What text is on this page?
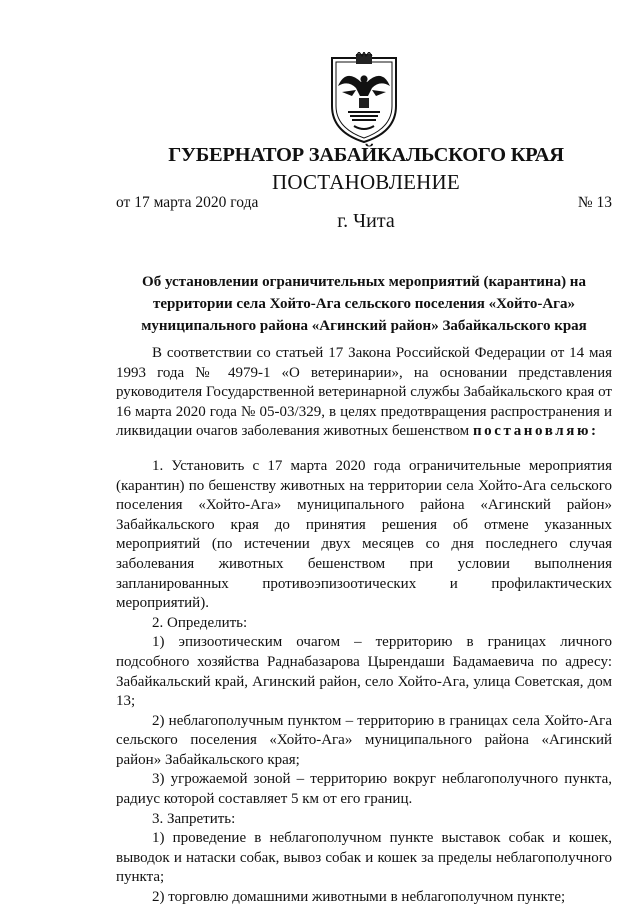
ГУБЕРНАТОР ЗАБАЙКАЛЬСКОГО КРАЯ
ПОСТАНОВЛЕНИЕ
от 17 марта 2020 года	№ 13
г. Чита
Об установлении ограничительных мероприятий (карантина) на
территории села Хойто-Ага сельского поселения «Хойто-Ага»
муниципального района «Агинский район» Забайкальского края

В соответствии со статьей 17 Закона Российской Федерации от 14 мая 1993 года № 4979-1 «О ветеринарии», на основании представления руководителя Государственной ветеринарной службы Забайкальского края от 16 марта 2020 года № 05-03/329, в целях предотвращения распространения и ликвидации очагов заболевания животных бешенством постановляю:

1. Установить с 17 марта 2020 года ограничительные мероприятия (карантин) по бешенству животных на территории села Хойто-Ага сельского поселения «Хойто-Ага» муниципального района «Агинский район» Забайкальского края до принятия решения об отмене указанных мероприятий (по истечении двух месяцев со дня последнего случая заболевания животных бешенством при условии выполнения запланированных противоэпизоотических и профилактических мероприятий).

2. Определить:

1) эпизоотическим очагом – территорию в границах личного подсобного хозяйства Раднабазарова Цырендаши Бадамаевича по адресу: Забайкальский край, Агинский район, село Хойто-Ага, улица Советская, дом 13;

2) неблагополучным пунктом – территорию в границах села Хойто-Ага сельского поселения «Хойто-Ага» муниципального района «Агинский район» Забайкальского края;

3) угрожаемой зоной – территорию вокруг неблагополучного пункта, радиус которой составляет 5 км от его границ.

3. Запретить:

1) проведение в неблагополучном пункте выставок собак и кошек, выводок и натаски собак, вывоз собак и кошек за пределы неблагополучного пункта;

2) торговлю домашними животными в неблагополучном пункте;
